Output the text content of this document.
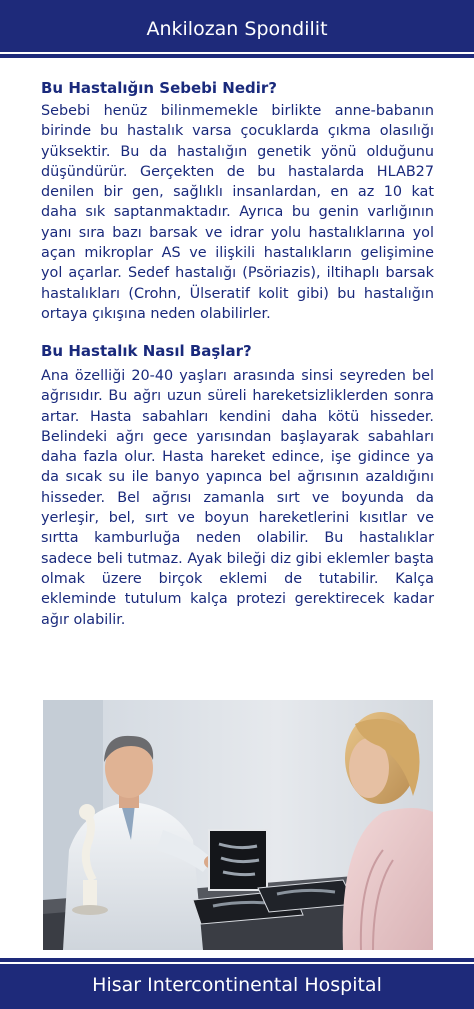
Ankilozan Spondilit
Bu Hastalığın Sebebi Nedir?

Sebebi henüz bilinmemekle birlikte anne-babanın birinde bu hastalık varsa çocuklarda çıkma olasılığı yüksektir. Bu da hastalığın genetik yönü olduğunu düşündürür. Gerçekten de bu hastalarda HLAB27 denilen bir gen, sağlıklı insanlardan, en az 10 kat daha sık saptanmaktadır. Ayrıca bu genin varlığının yanı sıra bazı barsak ve idrar yolu hastalıklarına yol açan mikroplar AS ve ilişkili hastalıkların gelişimine yol açarlar. Sedef hastalığı (Psöriazis), iltihaplı barsak hastalıkları (Crohn, Ülseratif kolit gibi) bu hastalığın ortaya çıkışına neden olabilirler.

Bu Hastalık Nasıl Başlar?

Ana özelliği 20-40 yaşları arasında sinsi seyreden bel ağrısıdır. Bu ağrı uzun süreli hareketsizliklerden sonra artar. Hasta sabahları kendini daha kötü hisseder. Belindeki ağrı gece yarısından başlayarak sabahları daha fazla olur. Hasta hareket edince, işe gidince ya da sıcak su ile banyo yapınca bel ağrısının azaldığını hisseder. Bel ağrısı zamanla sırt ve boyunda da yerleşir, bel, sırt ve boyun hareketlerini kısıtlar ve sırtta kamburluğa neden olabilir. Bu hastalıklar sadece beli tutmaz. Ayak bileği diz gibi eklemler başta olmak üzere birçok eklemi de tutabilir. Kalça ekleminde tutulum kalça protezi gerektirecek kadar ağır olabilir.

Hisar Intercontinental Hospital
